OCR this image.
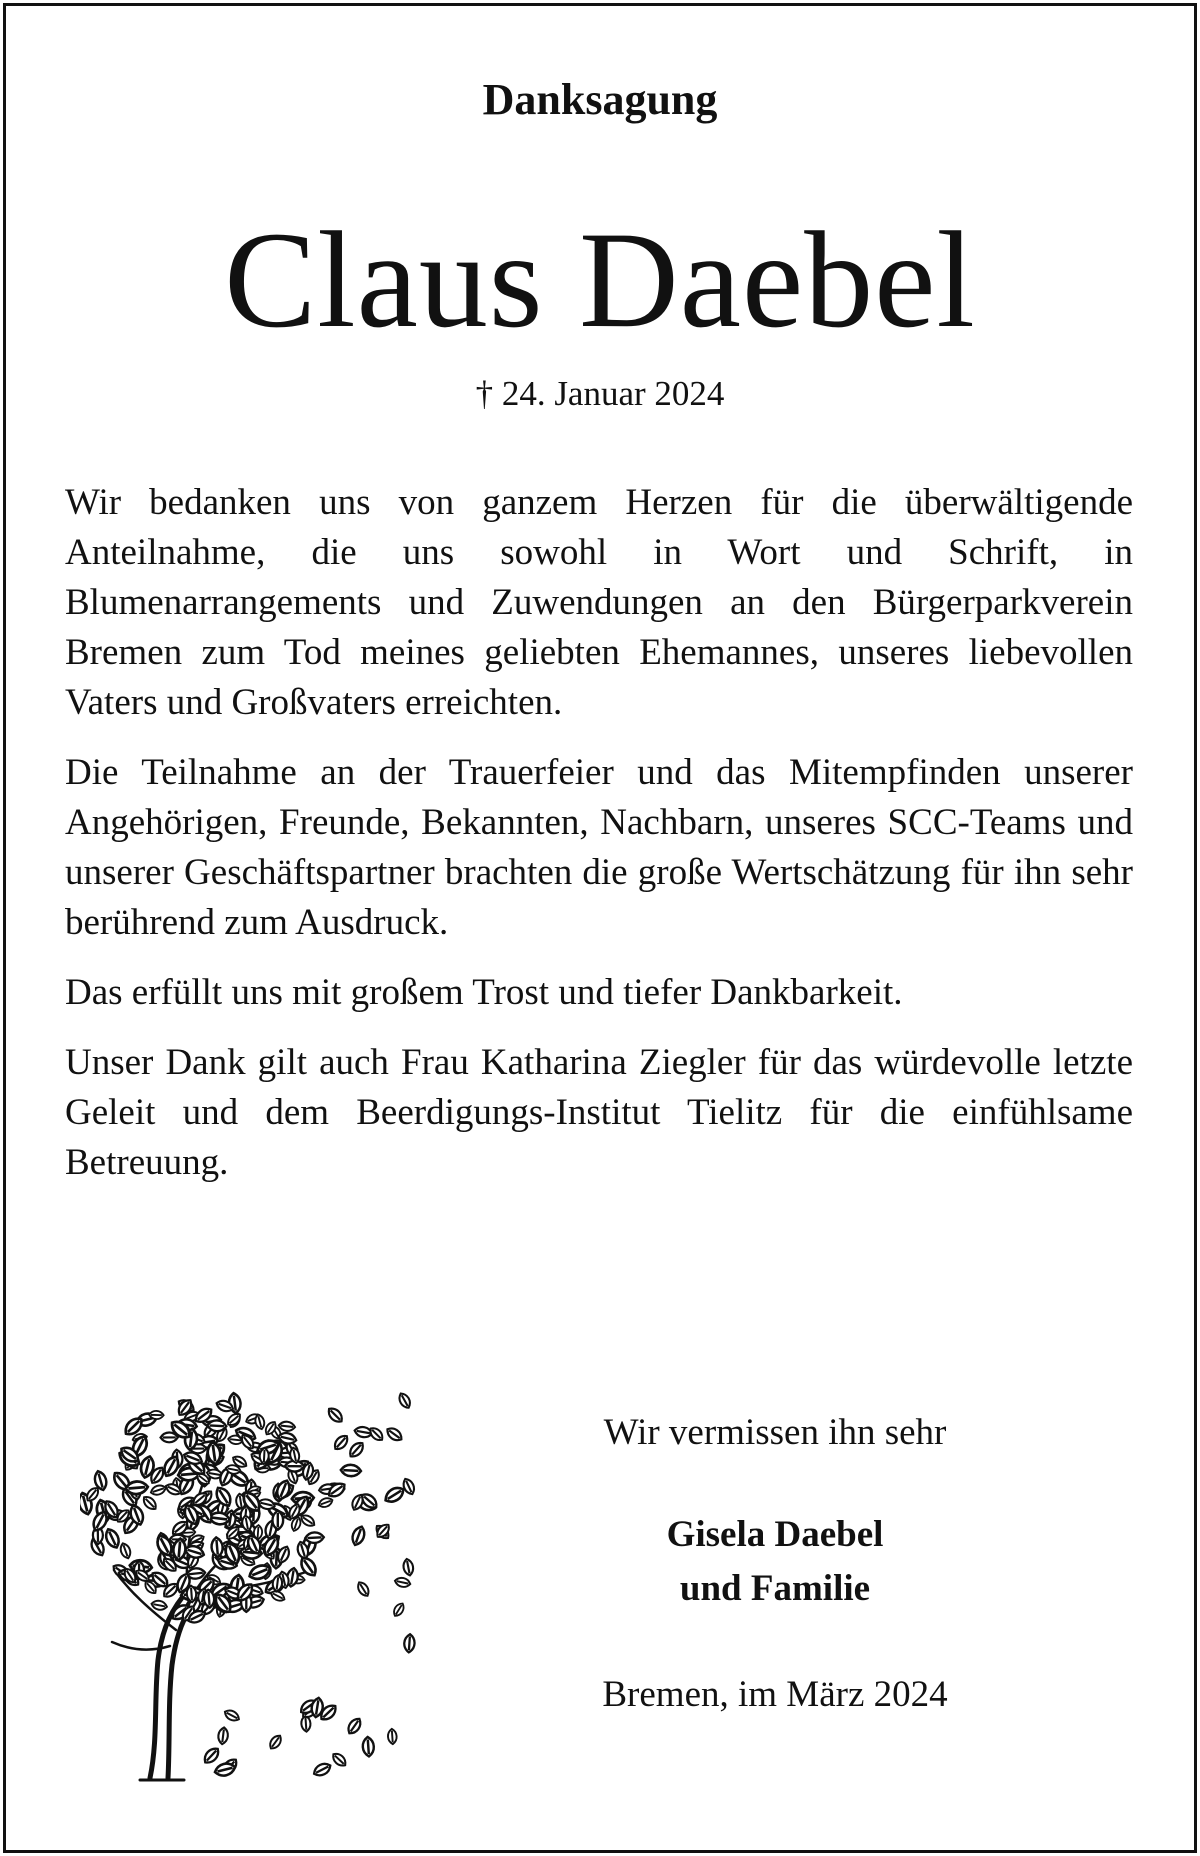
Danksagung
Claus Daebel
† 24. Januar 2024

Wir bedanken uns von ganzem Herzen für die überwältigende Anteilnahme, die uns sowohl in Wort und Schrift, in Blumenarrangements und Zuwendungen an den Bürgerparkverein Bremen zum Tod meines geliebten Ehemannes, unseres liebevollen Vaters und Großvaters erreichten.

Die Teilnahme an der Trauerfeier und das Mitempfinden unserer Angehörigen, Freunde, Bekannten, Nachbarn, unseres SCC-Teams und unserer Geschäftspartner brachten die große Wertschätzung für ihn sehr berührend zum Ausdruck.

Das erfüllt uns mit großem Trost und tiefer Dankbarkeit.

Unser Dank gilt auch Frau Katharina Ziegler für das würdevolle letzte Geleit und dem Beerdigungs-Institut Tielitz für die einfühlsame Betreuung.

Wir vermissen ihn sehr
Gisela Daebel
und Familie
Bremen, im März 2024
